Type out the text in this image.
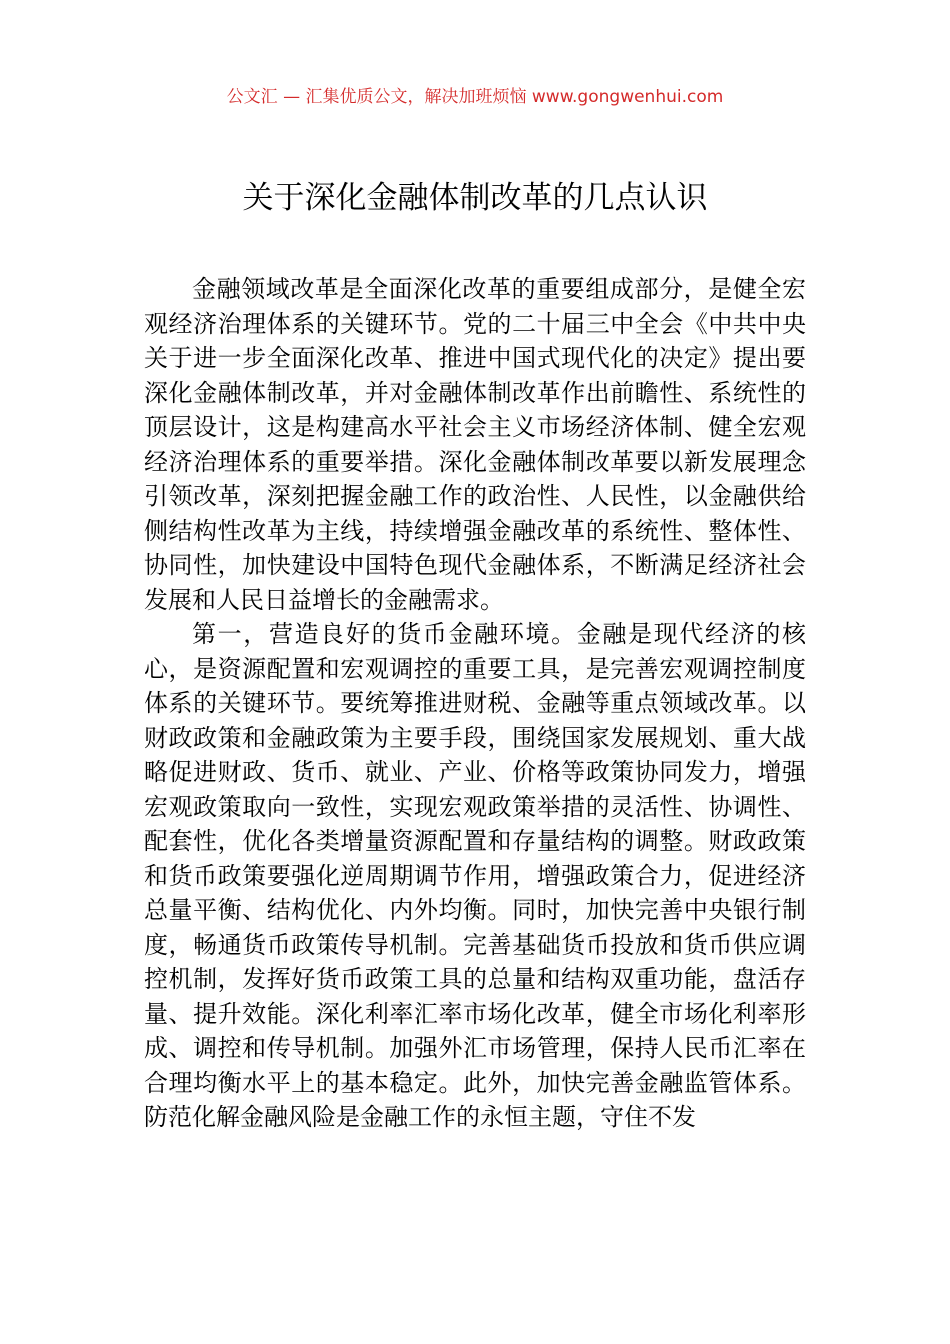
公文汇 — 汇集优质公文，解决加班烦恼 www.gongwenhui.com
关于深化金融体制改革的几点认识

金融领域改革是全面深化改革的重要组成部分，是健全宏观经济治理体系的关键环节。党的二十届三中全会《中共中央关于进一步全面深化改革、推进中国式现代化的决定》提出要深化金融体制改革，并对金融体制改革作出前瞻性、系统性的顶层设计，这是构建高水平社会主义市场经济体制、健全宏观经济治理体系的重要举措。深化金融体制改革要以新发展理念引领改革，深刻把握金融工作的政治性、人民性，以金融供给侧结构性改革为主线，持续增强金融改革的系统性、整体性、协同性，加快建设中国特色现代金融体系，不断满足经济社会发展和人民日益增长的金融需求。

第一，营造良好的货币金融环境。金融是现代经济的核心，是资源配置和宏观调控的重要工具，是完善宏观调控制度体系的关键环节。要统筹推进财税、金融等重点领域改革。以财政政策和金融政策为主要手段，围绕国家发展规划、重大战略促进财政、货币、就业、产业、价格等政策协同发力，增强宏观政策取向一致性，实现宏观政策举措的灵活性、协调性、配套性，优化各类增量资源配置和存量结构的调整。财政政策和货币政策要强化逆周期调节作用，增强政策合力，促进经济总量平衡、结构优化、内外均衡。同时，加快完善中央银行制度，畅通货币政策传导机制。完善基础货币投放和货币供应调控机制，发挥好货币政策工具的总量和结构双重功能，盘活存量、提升效能。深化利率汇率市场化改革，健全市场化利率形成、调控和传导机制。加强外汇市场管理，保持人民币汇率在合理均衡水平上的基本稳定。此外，加快完善金融监管体系。防范化解金融风险是金融工作的永恒主题，守住不发
